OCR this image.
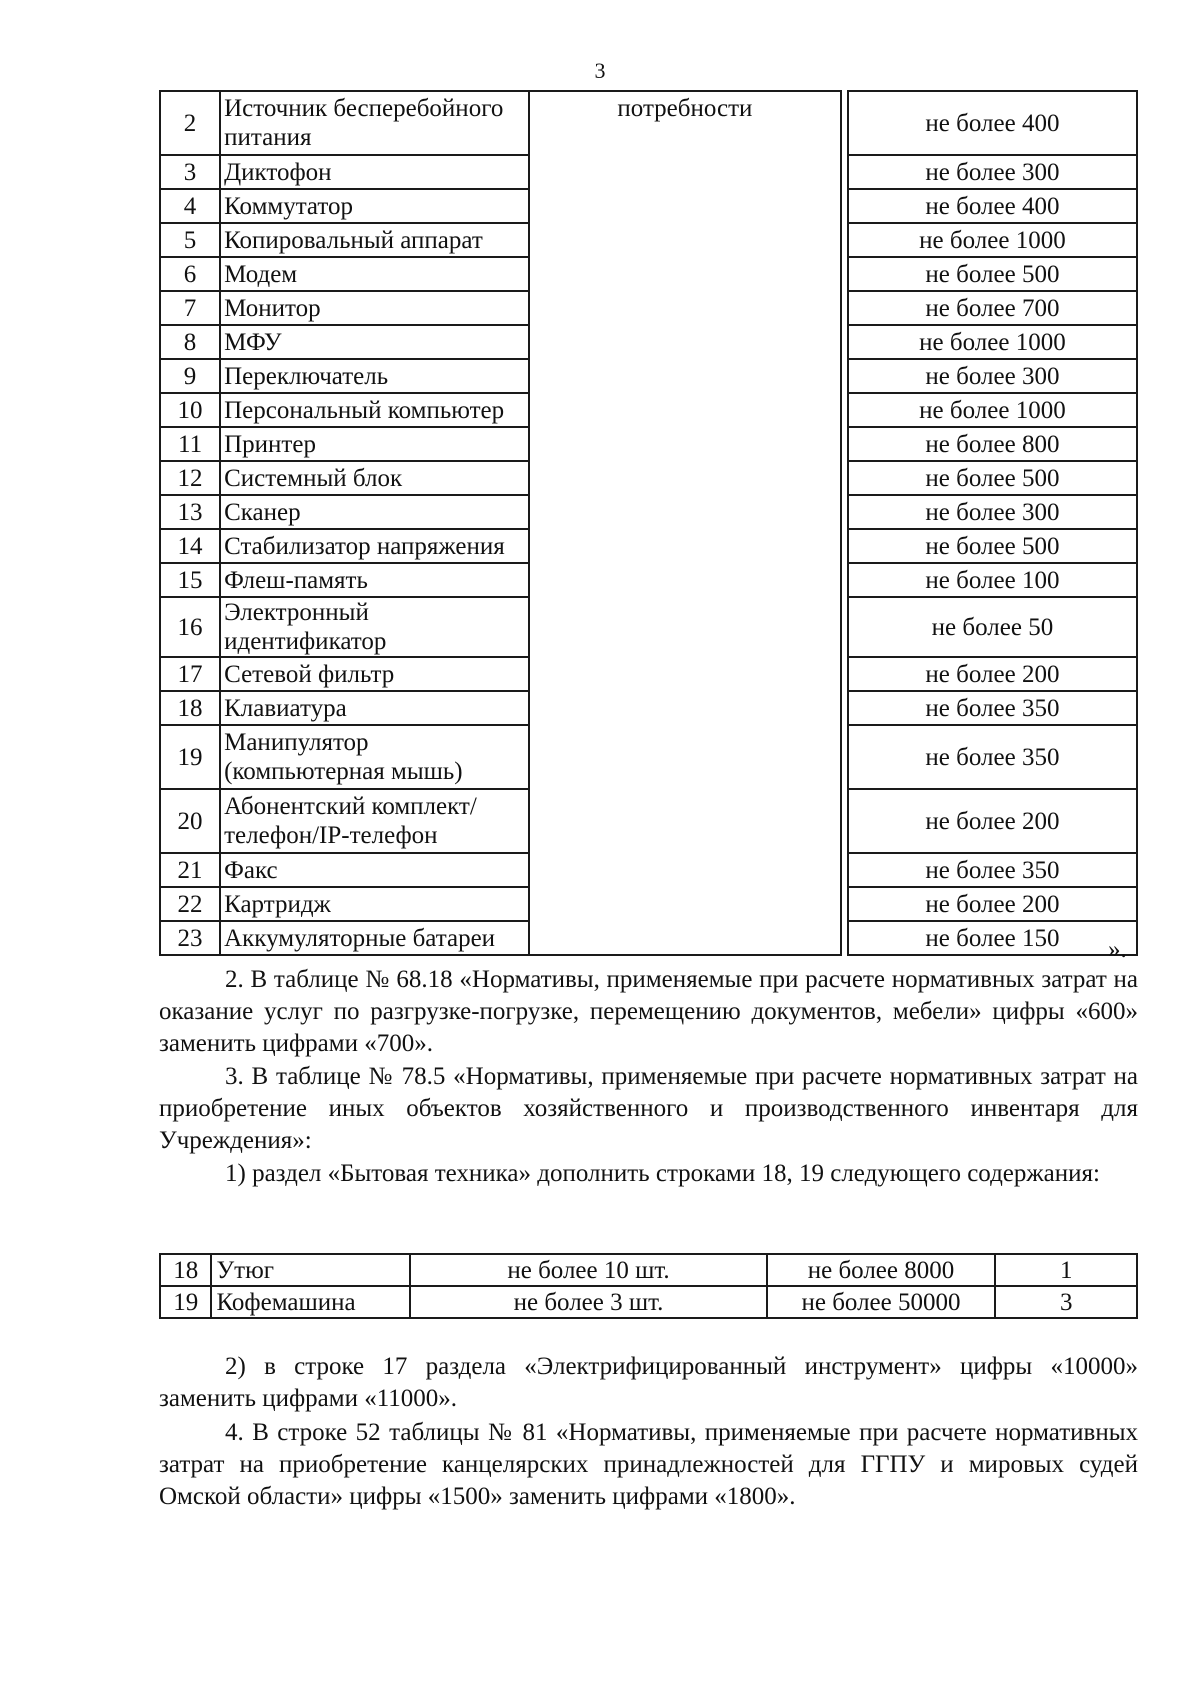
3
2	Источник бесперебойного питания	потребности		не более 400
3	Диктофон			не более 300
4	Коммутатор			не более 400
5	Копировальный аппарат			не более 1000
6	Модем			не более 500
7	Монитор			не более 700
8	МФУ			не более 1000
9	Переключатель			не более 300
10	Персональный компьютер			не более 1000
11	Принтер			не более 800
12	Системный блок			не более 500
13	Сканер			не более 300
14	Стабилизатор напряжения			не более 500
15	Флеш-память			не более 100
16	Электронный идентификатор			не более 50
17	Сетевой фильтр			не более 200
18	Клавиатура			не более 350
19	Манипулятор (компьютерная мышь)			не более 350
20	Абонентский комплект/телефон/IP-телефон			не более 200
21	Факс			не более 350
22	Картридж			не более 200
23	Аккумуляторные батареи			не более 150 ».

2. В таблице № 68.18 «Нормативы, применяемые при расчете нормативных затрат на оказание услуг по разгрузке-погрузке, перемещению документов, мебели» цифры «600» заменить цифрами «700».

3. В таблице № 78.5 «Нормативы, применяемые при расчете нормативных затрат на приобретение иных объектов хозяйственного и производственного инвентаря для Учреждения»:

1) раздел «Бытовая техника» дополнить строками 18, 19 следующего содержания:

18	Утюг	не более 10 шт.	не более 8000	1
19	Кофемашина	не более 3 шт.	не более 50000	3

2) в строке 17 раздела «Электрифицированный инструмент» цифры «10000» заменить цифрами «11000».

4. В строке 52 таблицы № 81 «Нормативы, применяемые при расчете нормативных затрат на приобретение канцелярских принадлежностей для ГГПУ и мировых судей Омской области» цифры «1500» заменить цифрами «1800».
